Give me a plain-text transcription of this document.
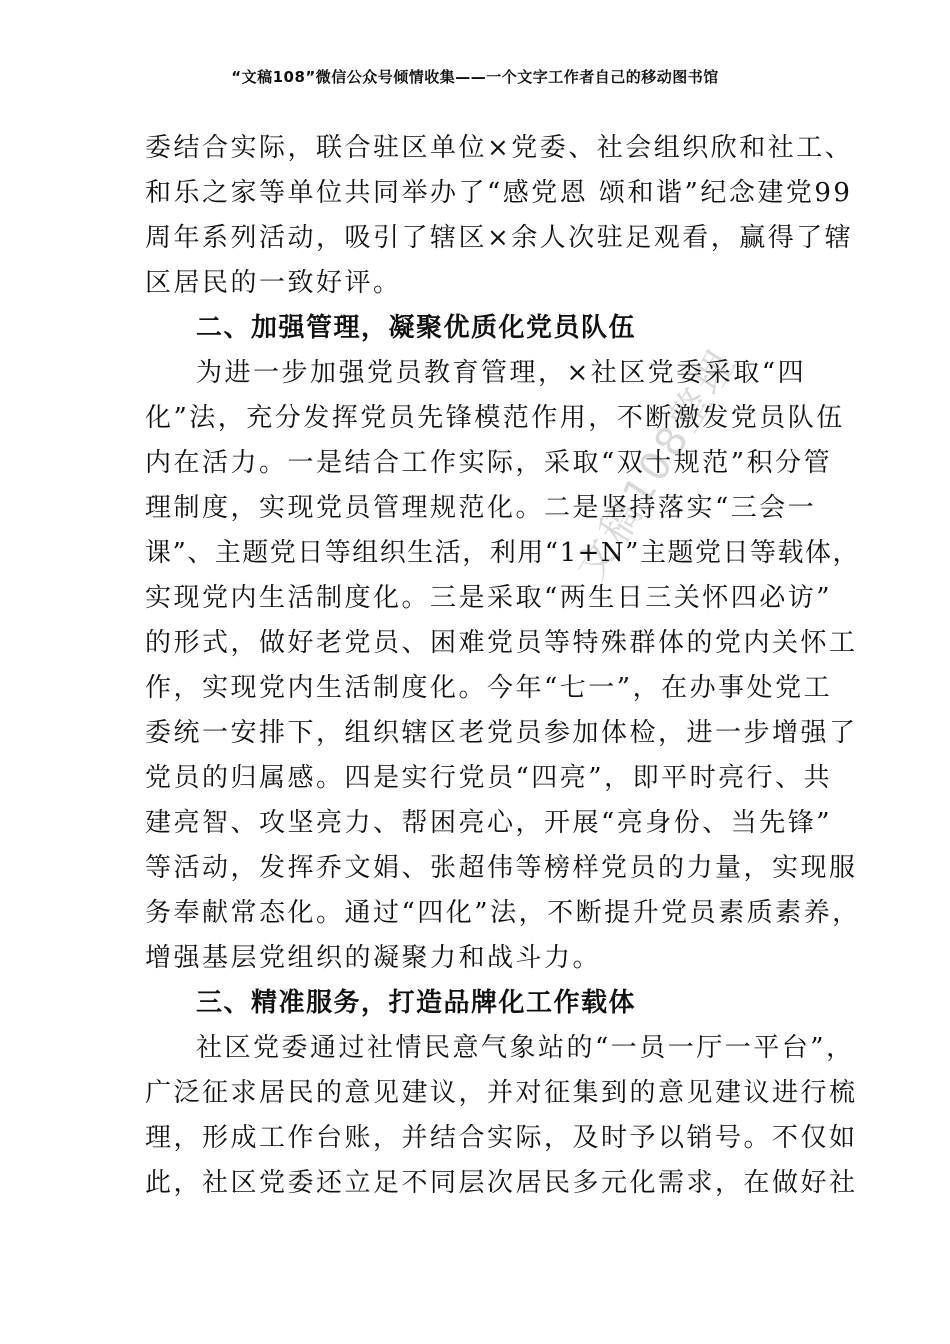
“文稿108”微信公众号倾情收集——一个文字工作者自己的移动图书馆
文稿108整理
委结合实际，联合驻区单位×党委、社会组织欣和社工、
和乐之家等单位共同举办了“感党恩 颂和谐”纪念建党99
周年系列活动，吸引了辖区×余人次驻足观看，赢得了辖
区居民的一致好评。
二、加强管理，凝聚优质化党员队伍
为进一步加强党员教育管理，×社区党委采取“四
化”法，充分发挥党员先锋模范作用，不断激发党员队伍
内在活力。一是结合工作实际，采取“双十规范”积分管
理制度，实现党员管理规范化。二是坚持落实“三会一
课”、主题党日等组织生活，利用“1+N”主题党日等载体，
实现党内生活制度化。三是采取“两生日三关怀四必访”
的形式，做好老党员、困难党员等特殊群体的党内关怀工
作，实现党内生活制度化。今年“七一”，在办事处党工
委统一安排下，组织辖区老党员参加体检，进一步增强了
党员的归属感。四是实行党员“四亮”，即平时亮行、共
建亮智、攻坚亮力、帮困亮心，开展“亮身份、当先锋”
等活动，发挥乔文娟、张超伟等榜样党员的力量，实现服
务奉献常态化。通过“四化”法，不断提升党员素质素养，
增强基层党组织的凝聚力和战斗力。
三、精准服务，打造品牌化工作载体
社区党委通过社情民意气象站的“一员一厅一平台”，
广泛征求居民的意见建议，并对征集到的意见建议进行梳
理，形成工作台账，并结合实际，及时予以销号。不仅如
此，社区党委还立足不同层次居民多元化需求，在做好社
